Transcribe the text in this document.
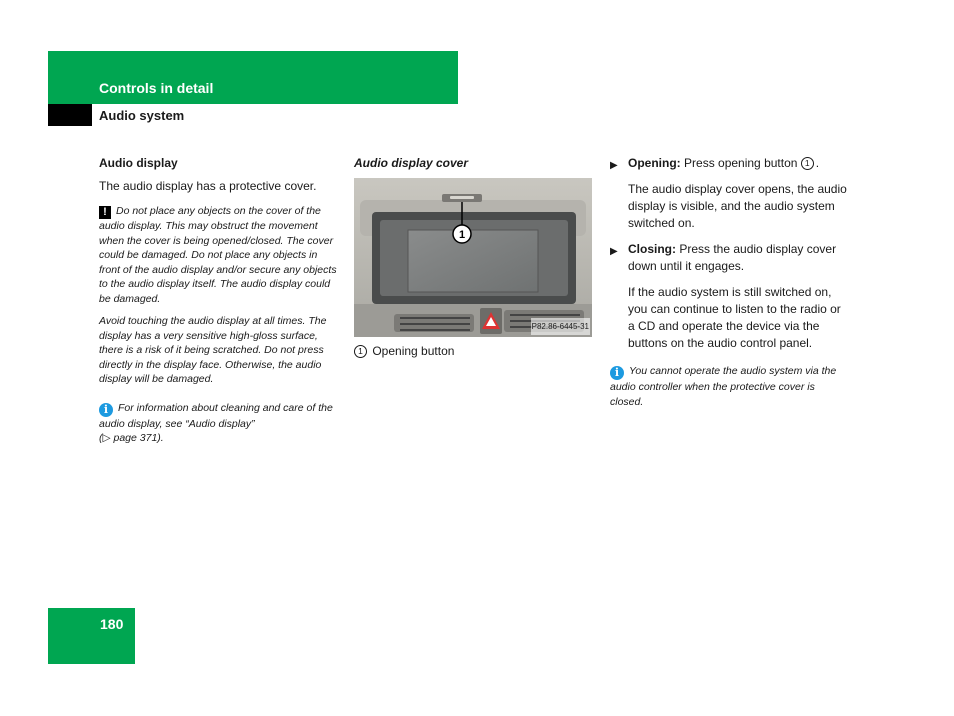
Controls in detail
Audio system
Audio display

The audio display has a protective cover.

! Do not place any objects on the cover of the audio display. This may obstruct the movement when the cover is being opened/closed. The cover could be damaged. Do not place any objects in front of the audio display and/or secure any objects to the audio display itself. The audio display could be damaged.
Avoid touching the audio display at all times. The display has a very sensitive high-gloss surface, there is a risk of it being scratched. Do not press directly in the display face. Otherwise, the audio display will be damaged.
i For information about cleaning and care of the audio display, see “Audio display”
(▷ page 371).
Audio display cover
1
P82.86-6445-31
1 Opening button
▶ Opening: Press opening button 1 .

The audio display cover opens, the audio display is visible, and the audio system switched on.

▶ Closing: Press the audio display cover down until it engages.

If the audio system is still switched on, you can continue to listen to the radio or a CD and operate the device via the buttons on the audio control panel.

i You cannot operate the audio system via the audio controller when the protective cover is closed.
180
